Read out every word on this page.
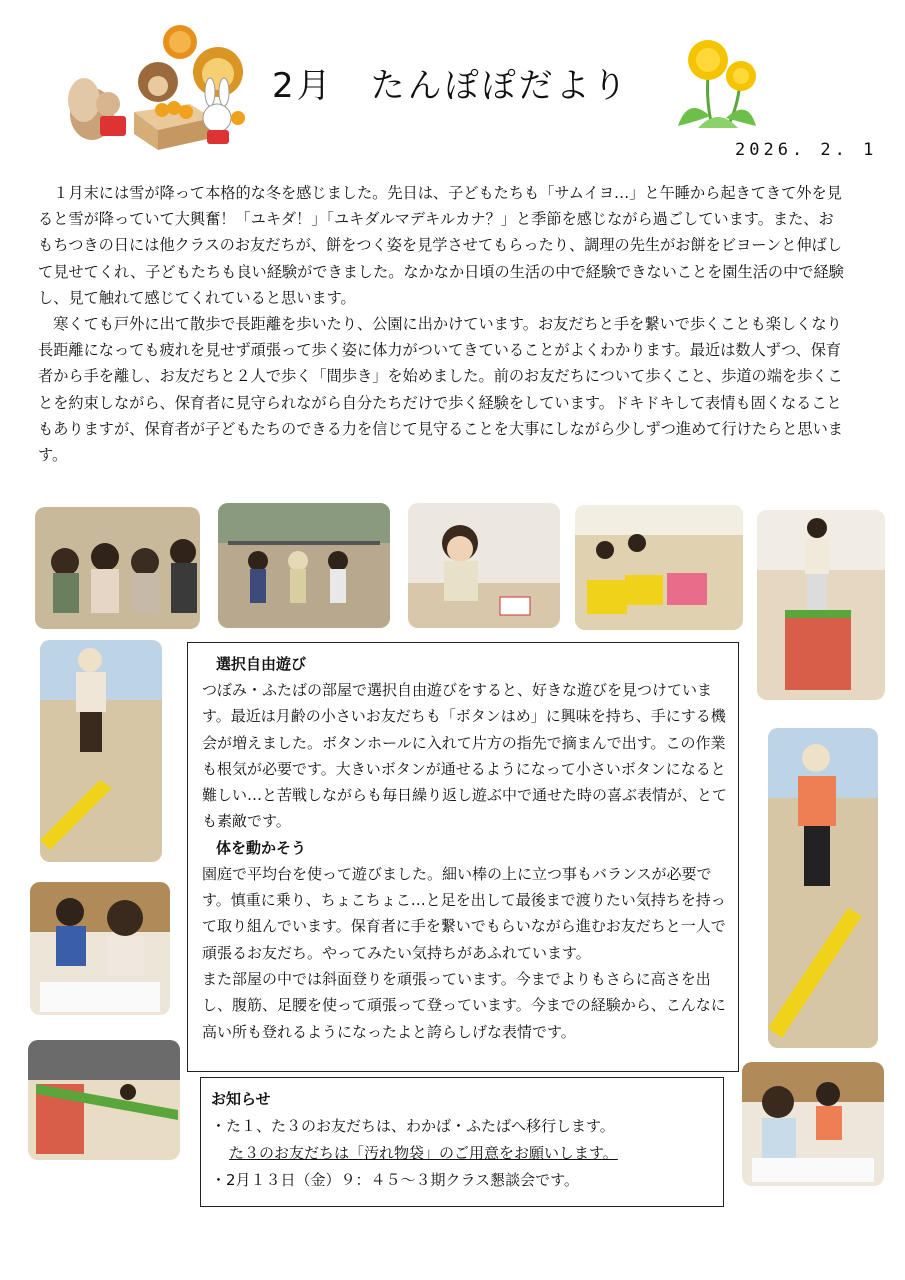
2月　たんぽぽだより
2026. 2. 1

１月末には雪が降って本格的な冬を感じました。先日は、子どもたちも「サムイヨ…」と午睡から起きてきて外を見ると雪が降っていて大興奮！「ユキダ！」「ユキダルマデキルカナ？」と季節を感じながら過ごしています。また、おもちつきの日には他クラスのお友だちが、餅をつく姿を見学させてもらったり、調理の先生がお餅をビヨーンと伸ばして見せてくれ、子どもたちも良い経験ができました。なかなか日頃の生活の中で経験できないことを園生活の中で経験し、見て触れて感じてくれていると思います。

寒くても戸外に出て散歩で長距離を歩いたり、公園に出かけています。お友だちと手を繋いで歩くことも楽しくなり長距離になっても疲れを見せず頑張って歩く姿に体力がついてきていることがよくわかります。最近は数人ずつ、保育者から手を離し、お友だちと２人で歩く「間歩き」を始めました。前のお友だちについて歩くこと、歩道の端を歩くことを約束しながら、保育者に見守られながら自分たちだけで歩く経験をしています。ドキドキして表情も固くなることもありますが、保育者が子どもたちのできる力を信じて見守ることを大事にしながら少しずつ進めて行けたらと思います。

選択自由遊び

つぼみ・ふたばの部屋で選択自由遊びをすると、好きな遊びを見つけています。最近は月齢の小さいお友だちも「ボタンはめ」に興味を持ち、手にする機会が増えました。ボタンホールに入れて片方の指先で摘まんで出す。この作業も根気が必要です。大きいボタンが通せるようになって小さいボタンになると難しい…と苦戦しながらも毎日繰り返し遊ぶ中で通せた時の喜ぶ表情が、とても素敵です。

体を動かそう

園庭で平均台を使って遊びました。細い棒の上に立つ事もバランスが必要です。慎重に乗り、ちょこちょこ…と足を出して最後まで渡りたい気持ちを持って取り組んでいます。保育者に手を繋いでもらいながら進むお友だちと一人で頑張るお友だち。やってみたい気持ちがあふれています。

また部屋の中では斜面登りを頑張っています。今までよりもさらに高さを出し、腹筋、足腰を使って頑張って登っています。今までの経験から、こんなに高い所も登れるようになったよと誇らしげな表情です。

お知らせ

・た１、た３のお友だちは、わかば・ふたばへ移行します。

た３のお友だちは「汚れ物袋」のご用意をお願いします。

・2月１３日（金）９：４５～３期クラス懇談会です。
